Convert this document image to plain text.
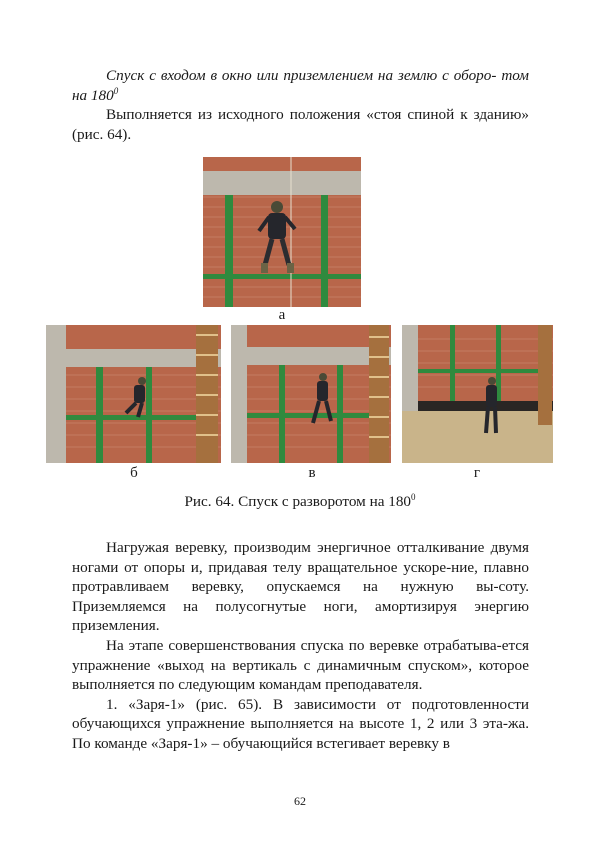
Спуск с входом в окно или приземлением на землю с оборо- том на $180^0$

Выполняется из исходного положения «стоя спиной к зданию» (рис. 64).

а
б	в	г
Рис. 64. Спуск с разворотом на $180^0$

Нагружая веревку, производим энергичное отталкивание двумя ногами от опоры и, придавая телу вращательное ускоре-ние, плавно протравливаем веревку, опускаемся на нужную вы-соту. Приземляемся на полусогнутые ноги, амортизируя энергию приземления.

На этапе совершенствования спуска по веревке отрабатыва-ется упражнение «выход на вертикаль с динамичным спуском», которое выполняется по следующим командам преподавателя.

1. «Заря-1» (рис. 65). В зависимости от подготовленности обучающихся упражнение выполняется на высоте 1, 2 или 3 эта-жа. По команде «Заря-1» – обучающийся встегивает веревку в

62
